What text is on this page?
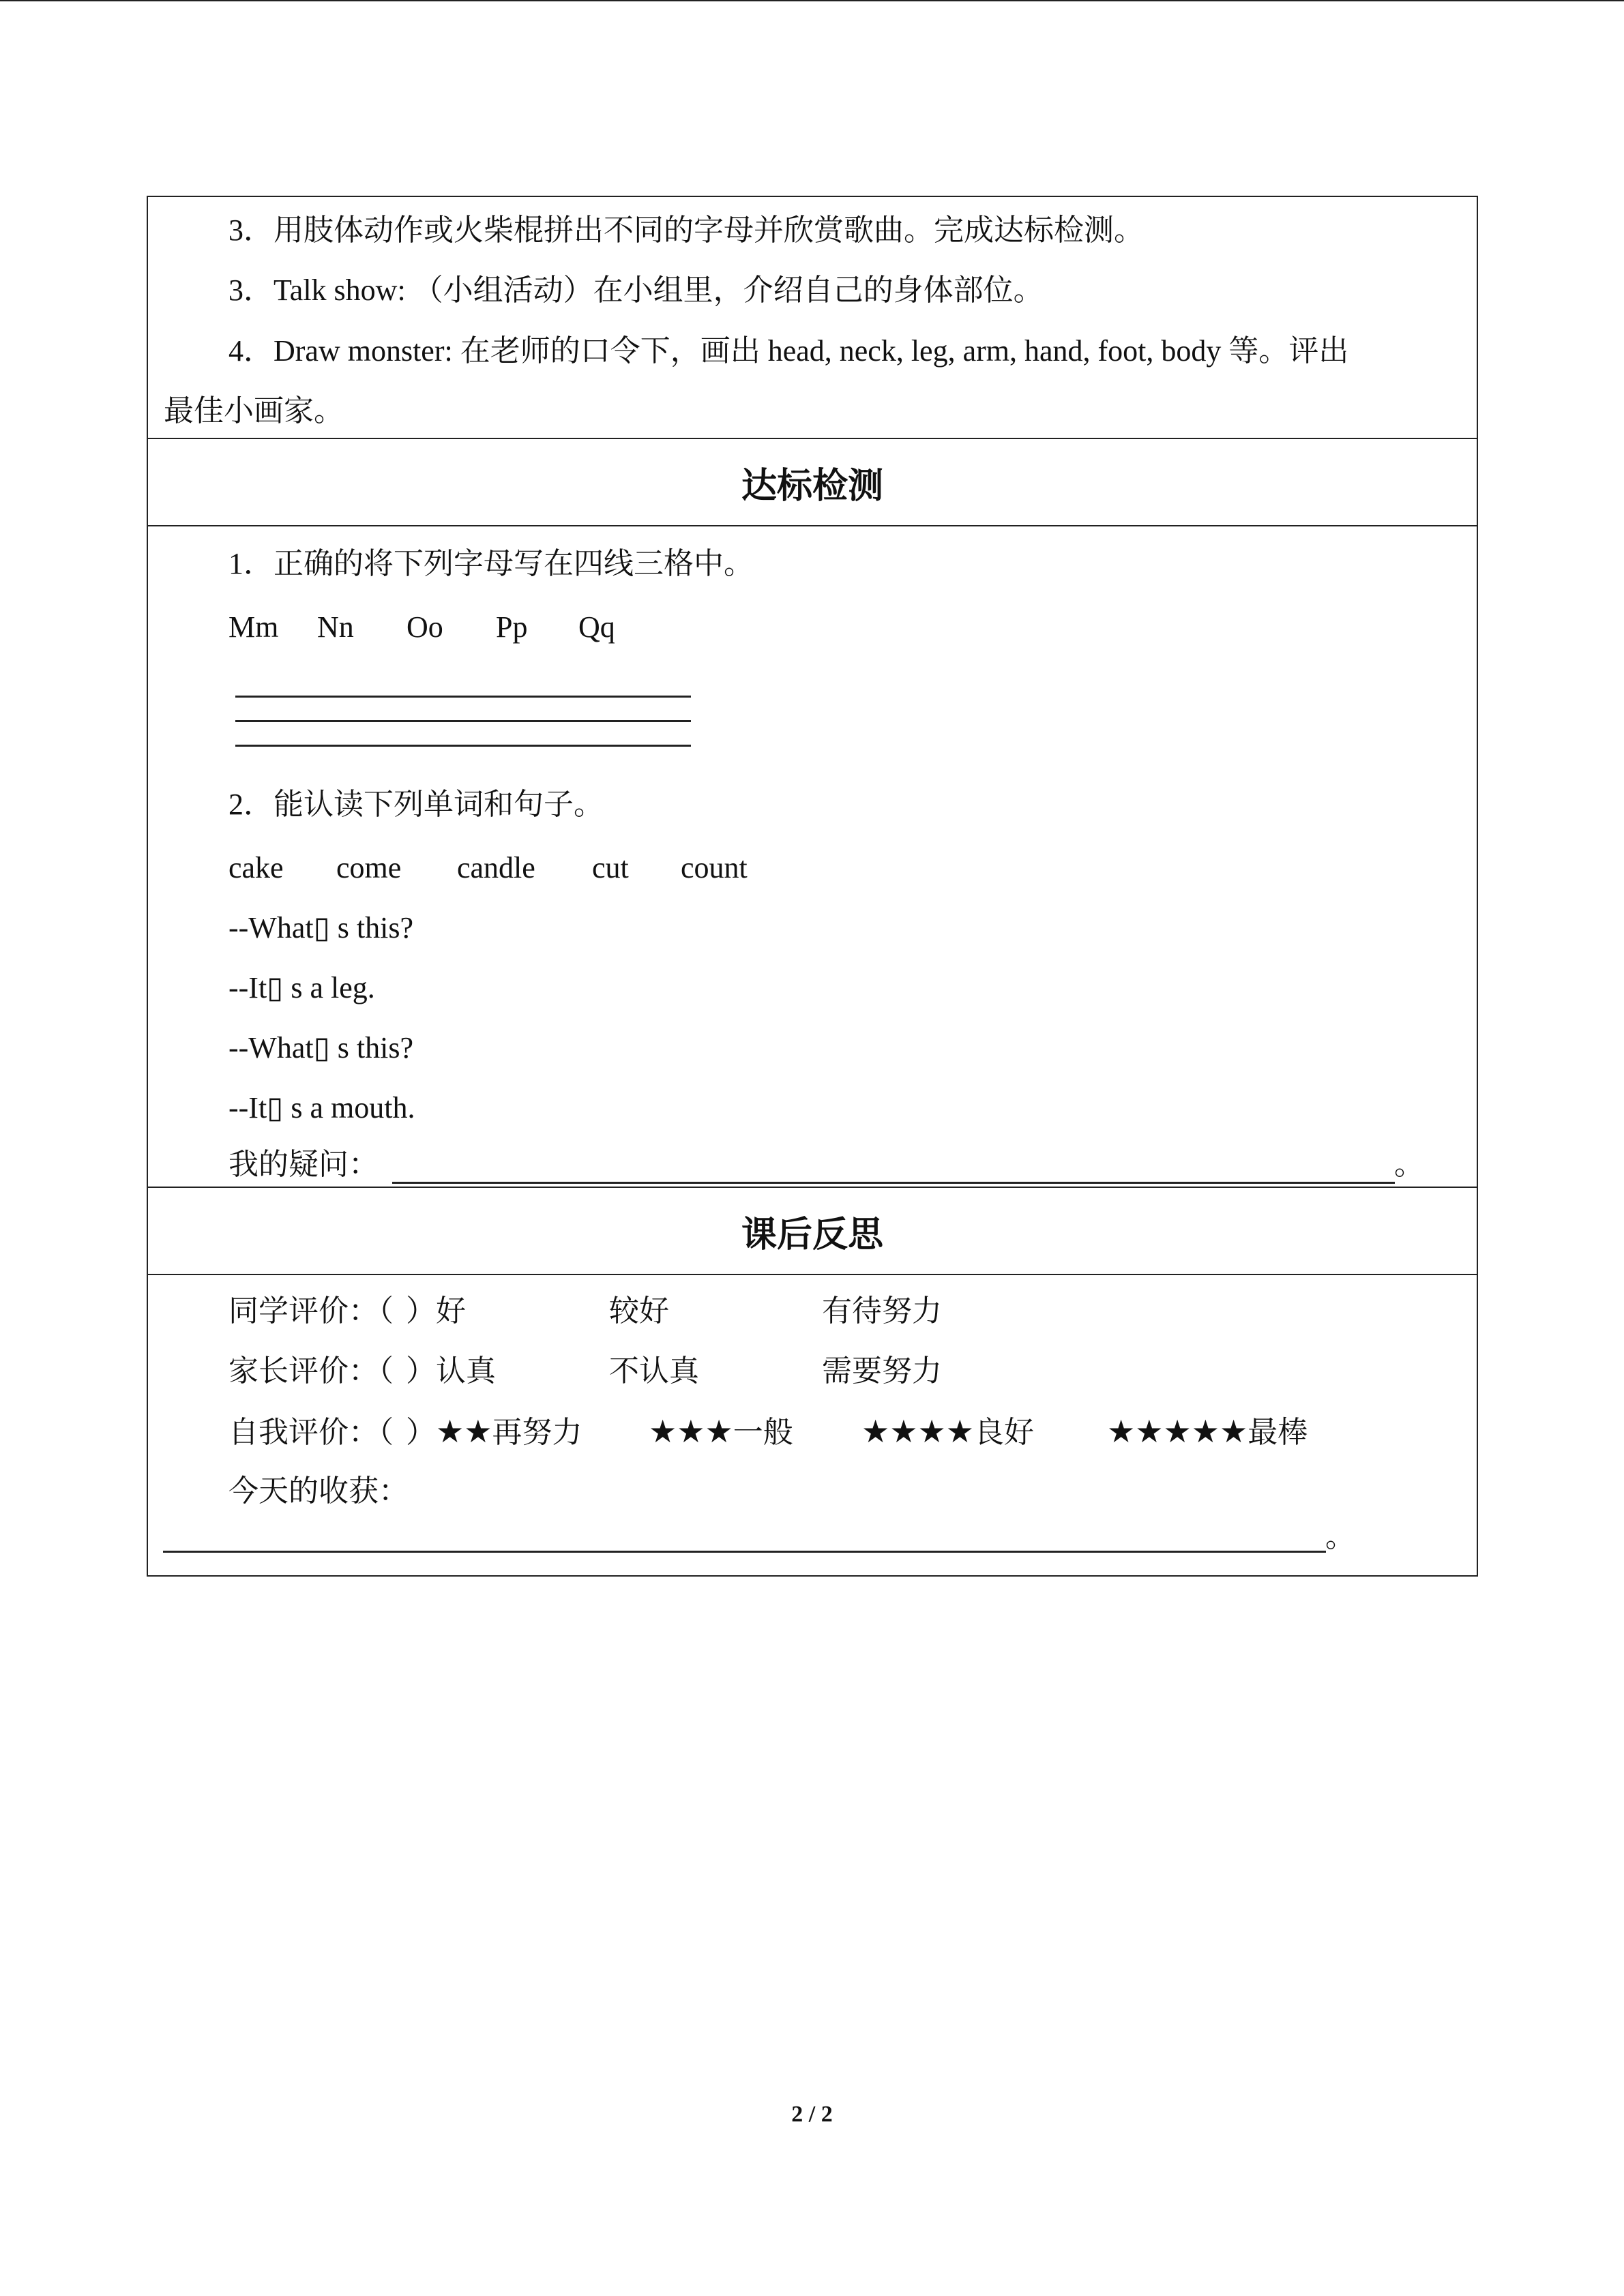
3．用肢体动作或火柴棍拼出不同的字母并欣赏歌曲。完成达标检测。
3．Talk show: （小组活动）在小组里，介绍自己的身体部位。
4．Draw monster: 在老师的口令下，画出 head, neck, leg, arm, hand, foot, body 等。评出
最佳小画家。

达标检测

1．正确的将下列字母写在四线三格中。
Mm Nn Oo Pp Qq
2．能认读下列单词和句子。
cake come candle cut count
--What▯ s this?
--It▯ s a leg.
--What▯ s this?
--It▯ s a mouth.
我的疑问：	。

课后反思

同学评价：（ ）好	较好	有待努力
家长评价：（ ）认真	不认真	需要努力
自我评价：（ ）★★再努力 ★★★一般 ★★★★良好 ★★★★★最棒
今天的收获：
。
2 / 2
